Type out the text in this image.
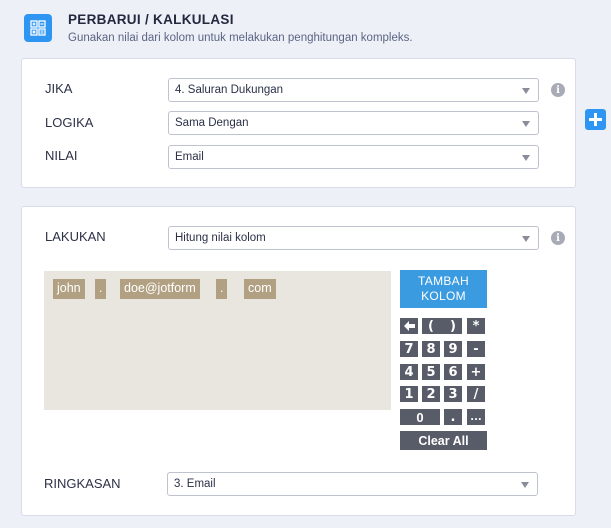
PERBARUI / KALKULASI
Gunakan nilai dari kolom untuk melakukan penghitungan kompleks.
JIKA	4. Saluran Dukungan	i
LOGIKA	Sama Dengan
NILAI	Email
LAKUKAN	Hitung nilai kolom	i
john	.	doe@jotform	.	com	TAMBAH
KOLOM
(	)	*
7 8 9	-
4 5 6	+
1 2 3	/
0	.	...
Clear All
RINGKASAN	3. Email
